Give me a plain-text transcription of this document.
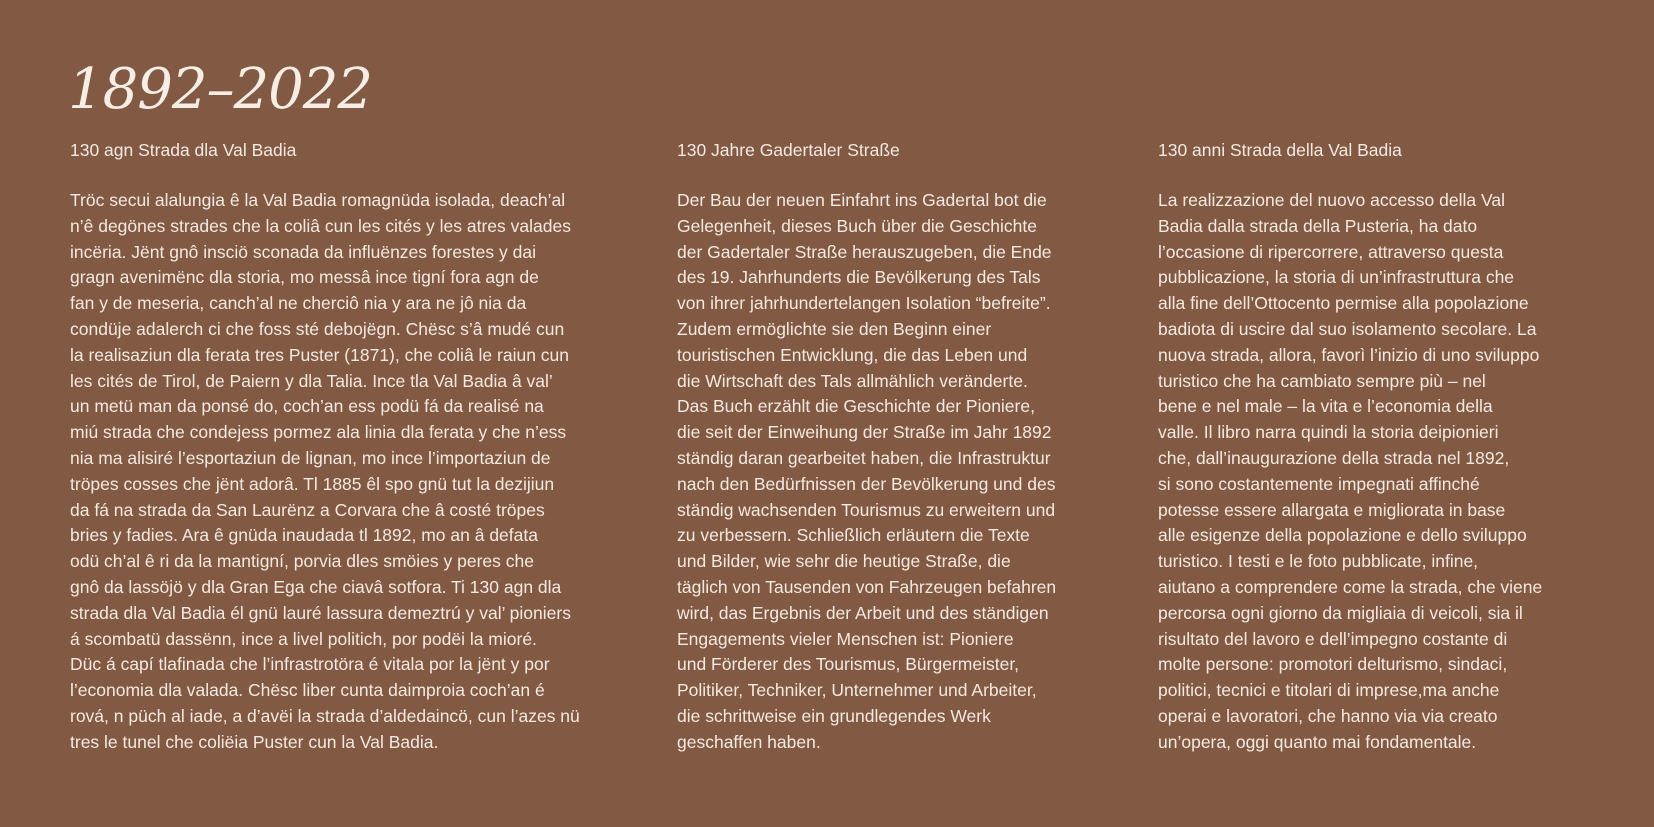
1892–2022
130 agn Strada dla Val Badia
Tröc secui alalungia ê la Val Badia romagnüda isolada, deach’al
n’ê degönes strades che la coliâ cun les cités y les atres valades
incëria. Jënt gnô insciö sconada da influënzes forestes y dai
gragn avenimënc dla storia, mo messâ ince tigní fora agn de
fan y de meseria, canch’al ne cherciô nia y ara ne jô nia da
condüje adalerch ci che foss sté debojëgn. Chësc s’â mudé cun
la realisaziun dla ferata tres Puster (1871), che coliâ le raiun cun
les cités de Tirol, de Paiern y dla Talia. Ince tla Val Badia â val’
un metü man da ponsé do, coch’an ess podü fá da realisé na
miú strada che condejess pormez ala linia dla ferata y che n’ess
nia ma alisiré l’esportaziun de lignan, mo ince l’importaziun de
tröpes cosses che jënt adorâ. Tl 1885 êl spo gnü tut la dezijiun
da fá na strada da San Laurënz a Corvara che â costé tröpes
bries y fadies. Ara ê gnüda inaudada tl 1892, mo an â defata
odü ch’al ê ri da la mantigní, porvia dles smöies y peres che
gnô da lassöjö y dla Gran Ega che ciavâ sotfora. Ti 130 agn dla
strada dla Val Badia él gnü lauré lassura demeztrú y val’ pioniers
á scombatü dassënn, ince a livel politich, por podëi la mioré.
Düc á capí tlafinada che l’infrastrotöra é vitala por la jënt y por
l’economia dla valada. Chësc liber cunta daimproia coch’an é
rová, n püch al iade, a d’avëi la strada d’aldedaincö, cun l’azes nü
tres le tunel che coliëia Puster cun la Val Badia.
130 Jahre Gadertaler Straße
Der Bau der neuen Einfahrt ins Gadertal bot die
Gelegenheit, dieses Buch über die Geschichte
der Gadertaler Straße herauszugeben, die Ende
des 19. Jahrhunderts die Bevölkerung des Tals
von ihrer jahrhundertelangen Isolation “befreite”.
Zudem ermöglichte sie den Beginn einer
touristischen Entwicklung, die das Leben und
die Wirtschaft des Tals allmählich veränderte.
Das Buch erzählt die Geschichte der Pioniere,
die seit der Einweihung der Straße im Jahr 1892
ständig daran gearbeitet haben, die Infrastruktur
nach den Bedürfnissen der Bevölkerung und des
ständig wachsenden Tourismus zu erweitern und
zu verbessern. Schließlich erläutern die Texte
und Bilder, wie sehr die heutige Straße, die
täglich von Tausenden von Fahrzeugen befahren
wird, das Ergebnis der Arbeit und des ständigen
Engagements vieler Menschen ist: Pioniere
und Förderer des Tourismus, Bürgermeister,
Politiker, Techniker, Unternehmer und Arbeiter,
die schrittweise ein grundlegendes Werk
geschaffen haben.
130 anni Strada della Val Badia
La realizzazione del nuovo accesso della Val
Badia dalla strada della Pusteria, ha dato
l’occasione di ripercorrere, attraverso questa
pubblicazione, la storia di un’infrastruttura che
alla fine dell’Ottocento permise alla popolazione
badiota di uscire dal suo isolamento secolare. La
nuova strada, allora, favorì l’inizio di uno sviluppo
turistico che ha cambiato sempre più – nel
bene e nel male – la vita e l’economia della
valle. Il libro narra quindi la storia deipionieri
che, dall’inaugurazione della strada nel 1892,
si sono costantemente impegnati affinché
potesse essere allargata e migliorata in base
alle esigenze della popolazione e dello sviluppo
turistico. I testi e le foto pubblicate, infine,
aiutano a comprendere come la strada, che viene
percorsa ogni giorno da migliaia di veicoli, sia il
risultato del lavoro e dell’impegno costante di
molte persone: promotori delturismo, sindaci,
politici, tecnici e titolari di imprese,ma anche
operai e lavoratori, che hanno via via creato
un’opera, oggi quanto mai fondamentale.
